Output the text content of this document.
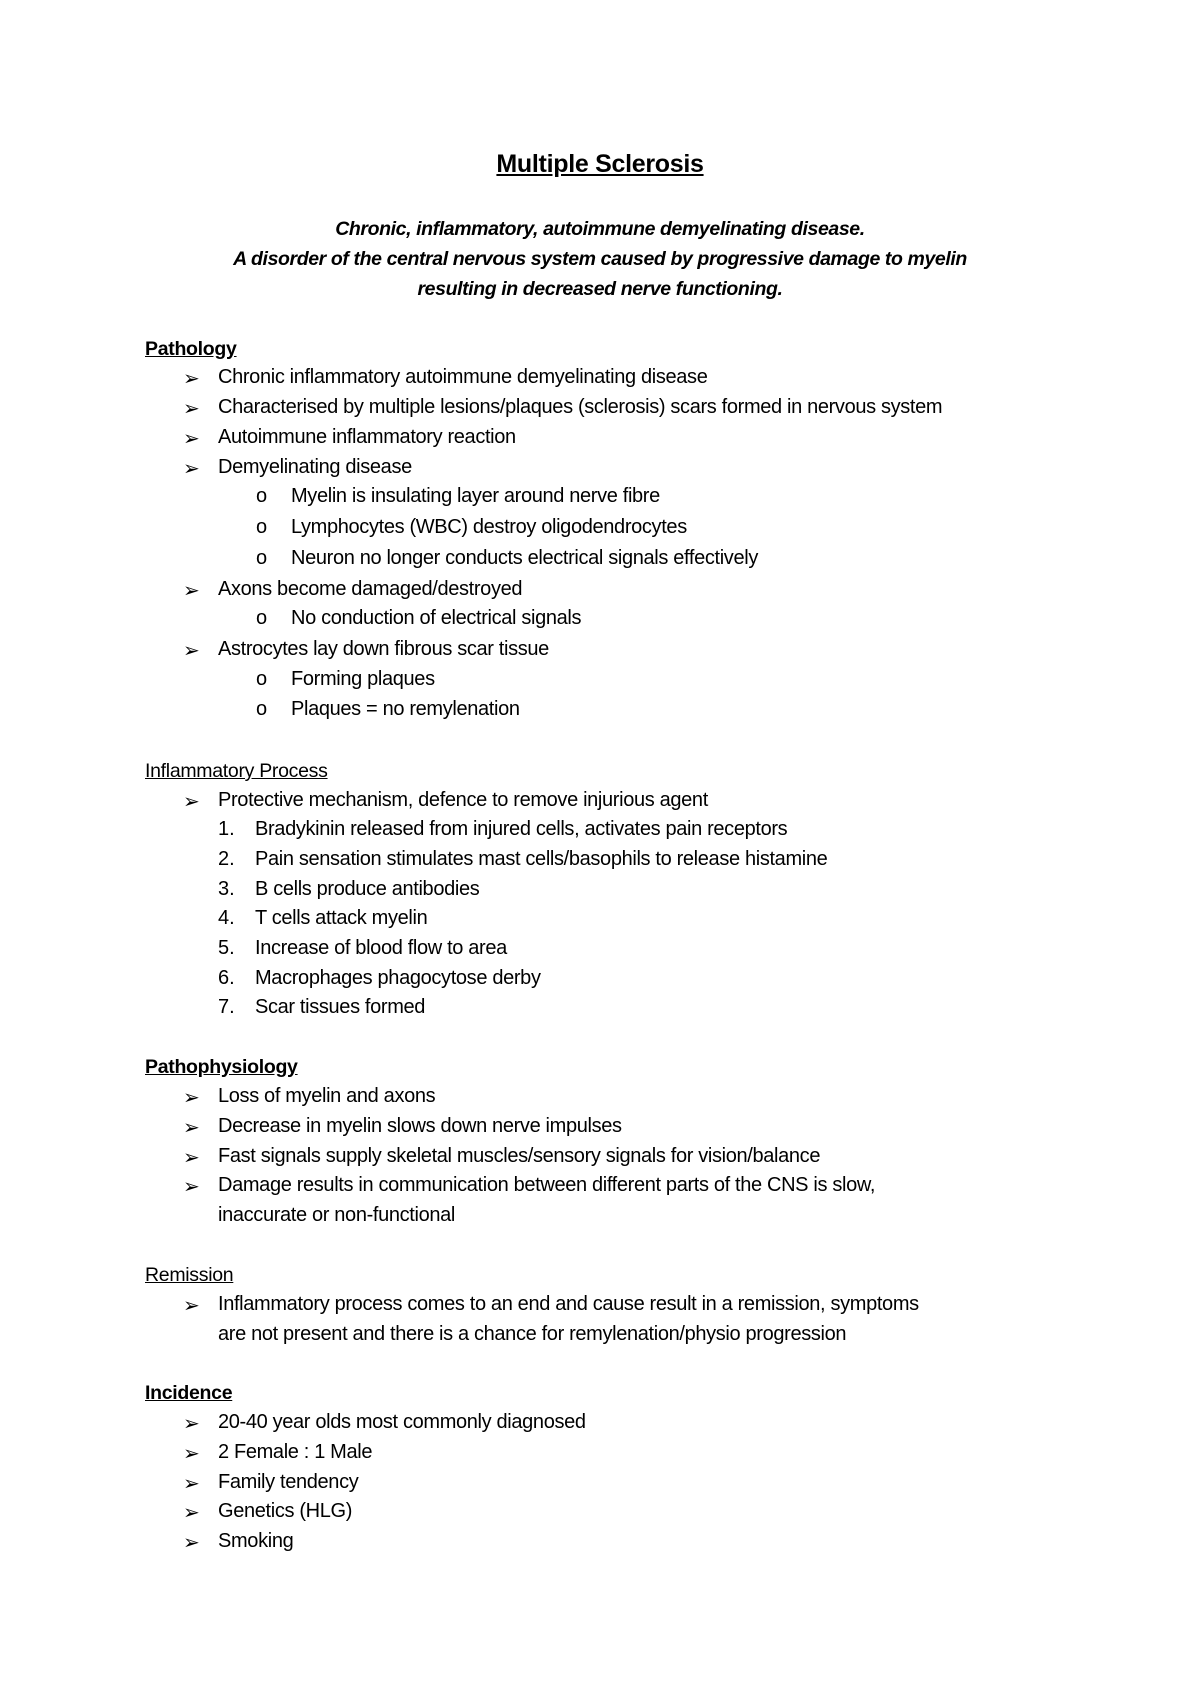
Multiple Sclerosis
Chronic, inflammatory, autoimmune demyelinating disease.
A disorder of the central nervous system caused by progressive damage to myelin
resulting in decreased nerve functioning.
Pathology
➢ Chronic inflammatory autoimmune demyelinating disease
➢ Characterised by multiple lesions/plaques (sclerosis) scars formed in nervous system
➢ Autoimmune inflammatory reaction
➢ Demyelinating disease
o Myelin is insulating layer around nerve fibre
o Lymphocytes (WBC) destroy oligodendrocytes
o Neuron no longer conducts electrical signals effectively
➢ Axons become damaged/destroyed
o No conduction of electrical signals
➢ Astrocytes lay down fibrous scar tissue
o Forming plaques
o Plaques = no remylenation
Inflammatory Process
➢ Protective mechanism, defence to remove injurious agent
1. Bradykinin released from injured cells, activates pain receptors
2. Pain sensation stimulates mast cells/basophils to release histamine
3. B cells produce antibodies
4. T cells attack myelin
5. Increase of blood flow to area
6. Macrophages phagocytose derby
7. Scar tissues formed
Pathophysiology
➢ Loss of myelin and axons
➢ Decrease in myelin slows down nerve impulses
➢ Fast signals supply skeletal muscles/sensory signals for vision/balance
➢ Damage results in communication between different parts of the CNS is slow,
inaccurate or non-functional
Remission
➢ Inflammatory process comes to an end and cause result in a remission, symptoms
are not present and there is a chance for remylenation/physio progression
Incidence
➢ 20-40 year olds most commonly diagnosed
➢ 2 Female : 1 Male
➢ Family tendency
➢ Genetics (HLG)
➢ Smoking
